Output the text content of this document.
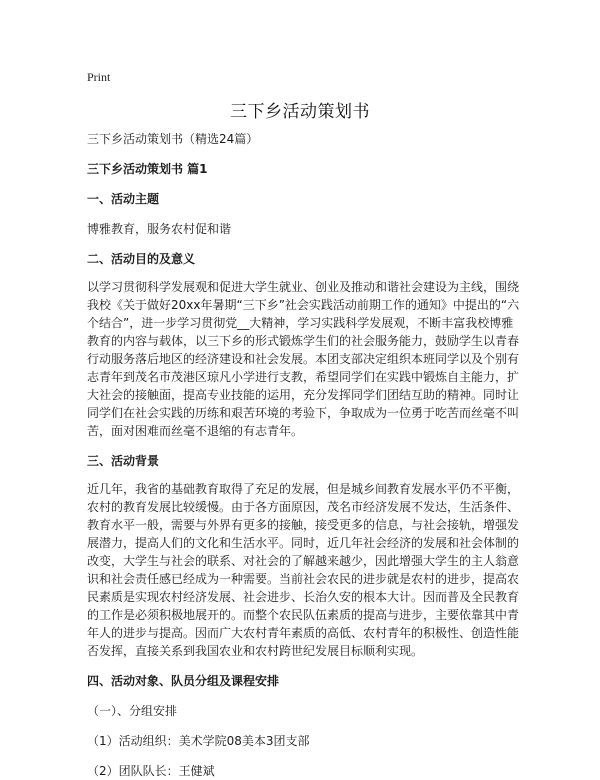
Print
三下乡活动策划书
三下乡活动策划书（精选24篇）
三下乡活动策划书 篇1
一、活动主题
博雅教育，服务农村促和谐
二、活动目的及意义
以学习贯彻科学发展观和促进大学生就业、创业及推动和谐社会建设为主线，围绕
我校《关于做好20xx年暑期“三下乡”社会实践活动前期工作的通知》中提出的“六
个结合”，进一步学习贯彻党__大精神，学习实践科学发展观，不断丰富我校博雅
教育的内容与载体，以三下乡的形式锻炼学生们的社会服务能力，鼓励学生以青春
行动服务落后地区的经济建设和社会发展。本团支部决定组织本班同学以及个别有
志青年到茂名市茂港区琼凡小学进行支教，希望同学们在实践中锻炼自主能力，扩
大社会的接触面，提高专业技能的运用，充分发挥同学们团结互助的精神。同时让
同学们在社会实践的历练和艰苦环境的考验下，争取成为一位勇于吃苦而丝毫不叫
苦，面对困难而丝毫不退缩的有志青年。
三、活动背景
近几年，我省的基础教育取得了充足的发展，但是城乡间教育发展水平仍不平衡，
农村的教育发展比较缓慢。由于各方面原因，茂名市经济发展不发达，生活条件、
教育水平一般，需要与外界有更多的接触，接受更多的信息，与社会接轨，增强发
展潜力，提高人们的文化和生活水平。同时，近几年社会经济的发展和社会体制的
改变，大学生与社会的联系、对社会的了解越来越少，因此增强大学生的主人翁意
识和社会责任感已经成为一种需要。当前社会农民的进步就是农村的进步，提高农
民素质是实现农村经济发展、社会进步、长治久安的根本大计。因而普及全民教育
的工作是必须积极地展开的。而整个农民队伍素质的提高与进步，主要依靠其中青
年人的进步与提高。因而广大农村青年素质的高低、农村青年的积极性、创造性能
否发挥，直接关系到我国农业和农村跨世纪发展目标顺利实现。
四、活动对象、队员分组及课程安排
（一）、分组安排
（1）活动组织：美术学院08美本3团支部
（2）团队队长：王健斌
